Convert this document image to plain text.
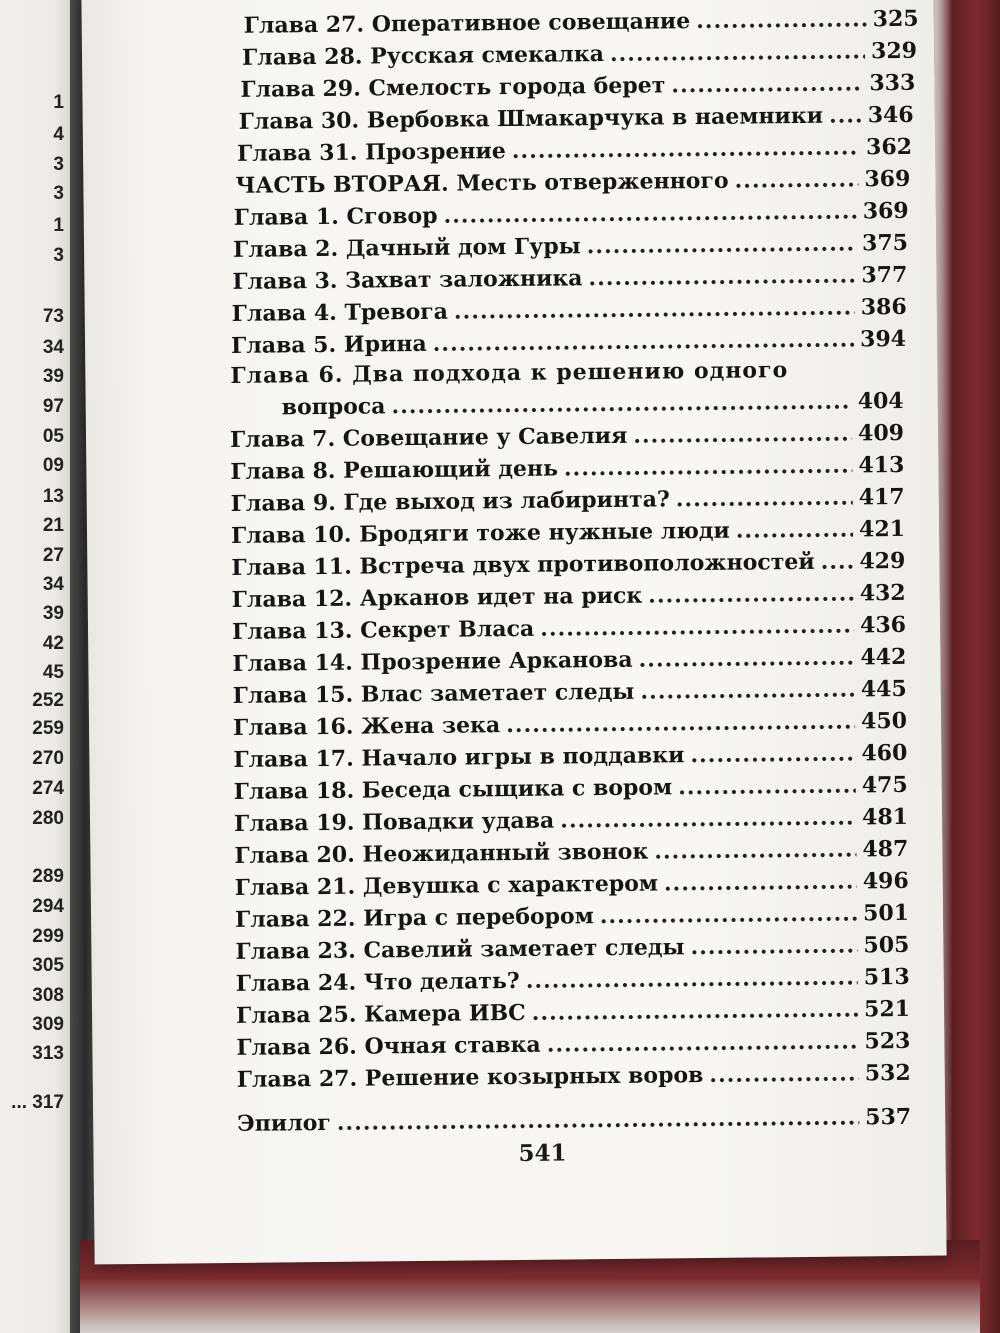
1
4
3
3
1
3
73
34
39
97
05
09
13
21
27
34
39
42
45
252
259
270
274
280
289
294
299
305
308
309
313
... 317
Глава 27. Оперативное совещание .....	325
Глава 28. Русская смекалка .....	329
Глава 29. Смелость города берет .....	333
Глава 30. Вербовка Шмакарчука в наемники ..... 346
Глава 31. Прозрение .....	362
ЧАСТЬ ВТОРАЯ. Месть отверженного .....	369
Глава 1. Сговор .....	369
Глава 2. Дачный дом Гуры .....	375
Глава 3. Захват заложника .....	377
Глава 4. Тревога .....	386
Глава 5. Ирина .....	394
Глава 6. Два подхода к решению одного
вопроса .....	404
Глава 7. Совещание у Савелия .....	409
Глава 8. Решающий день .....	413
Глава 9. Где выход из лабиринта? .....	417
Глава 10. Бродяги тоже нужные люди .....	421
Глава 11. Встреча двух противоположностей ..... 429
Глава 12. Арканов идет на риск .....	432
Глава 13. Секрет Власа .....	436
Глава 14. Прозрение Арканова .....	442
Глава 15. Влас заметает следы .....	445
Глава 16. Жена зека .....	450
Глава 17. Начало игры в поддавки .....	460
Глава 18. Беседа сыщика с вором .....	475
Глава 19. Повадки удава .....	481
Глава 20. Неожиданный звонок .....	487
Глава 21. Девушка с характером .....	496
Глава 22. Игра с перебором .....	501
Глава 23. Савелий заметает следы .....	505
Глава 24. Что делать? .....	513
Глава 25. Камера ИВС .....	521
Глава 26. Очная ставка .....	523
Глава 27. Решение козырных воров .....	532
Эпилог .....	537
541
